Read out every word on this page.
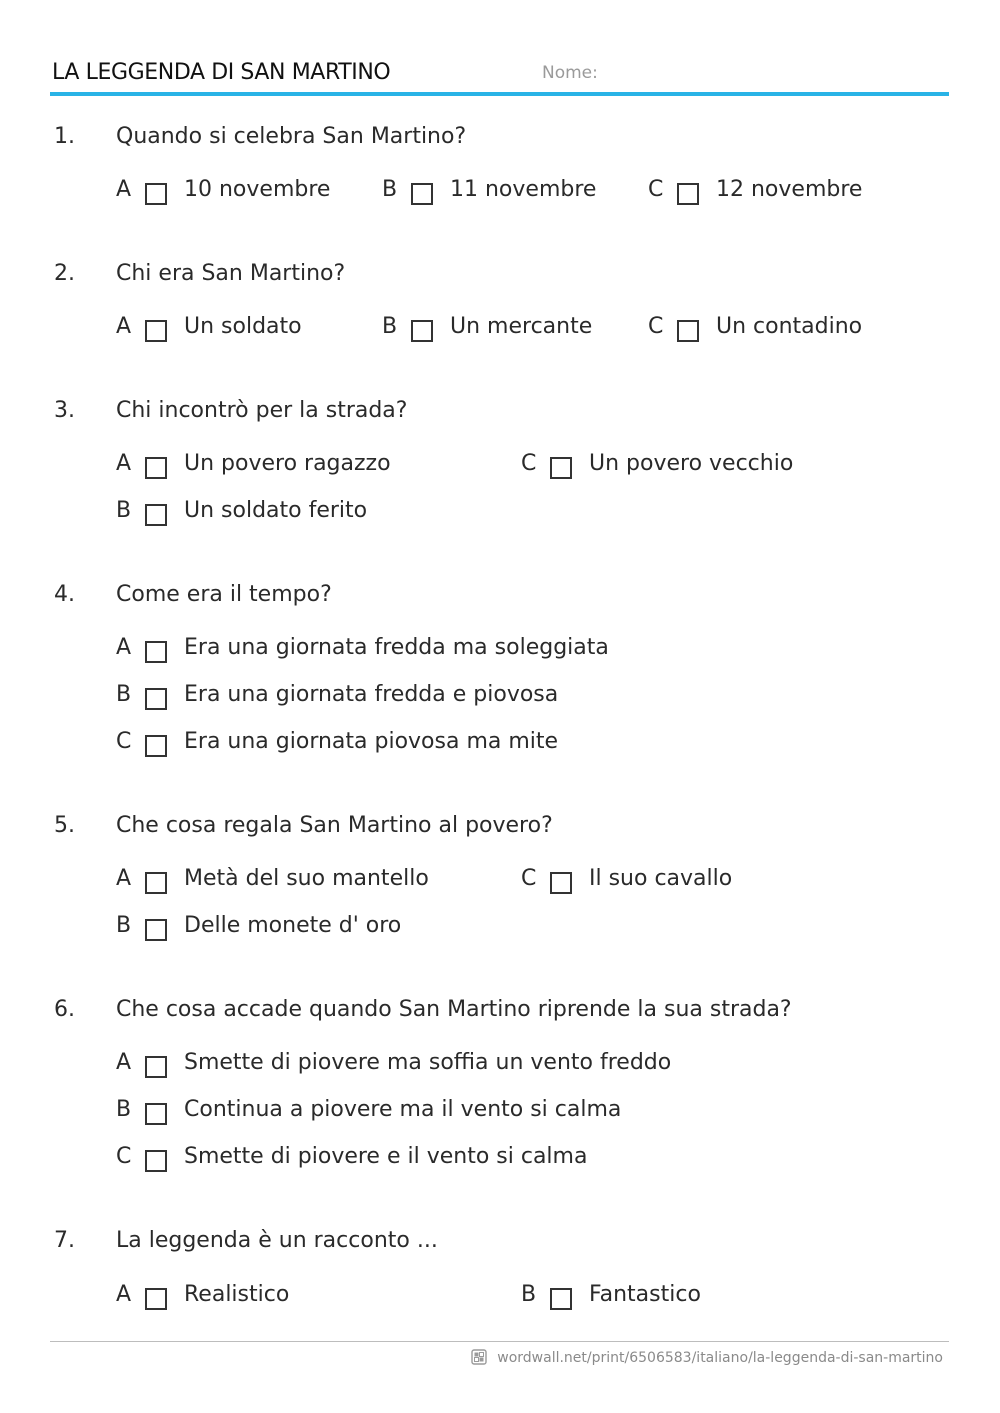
LA LEGGENDA DI SAN MARTINO	Nome:
1. Quando si celebra San Martino?
A 10 novembre B 11 novembre C 12 novembre
2. Chi era San Martino?
A Un soldato	B Un mercante	C Un contadino
3. Chi incontrò per la strada?
A Un povero ragazzo
B Un soldato ferito
C Un povero vecchio
4. Come era il tempo?
A Era una giornata fredda ma soleggiata
B Era una giornata fredda e piovosa
C Era una giornata piovosa ma mite
5. Che cosa regala San Martino al povero?
A Metà del suo mantello
B Delle monete d' oro
C Il suo cavallo
6. Che cosa accade quando San Martino riprende la sua strada?
A Smette di piovere ma soffia un vento freddo
B Continua a piovere ma il vento si calma
C Smette di piovere e il vento si calma
7. La leggenda è un racconto ...
A Realistico	B Fantastico
wordwall.net/print/6506583/italiano/la-leggenda-di-san-martino
